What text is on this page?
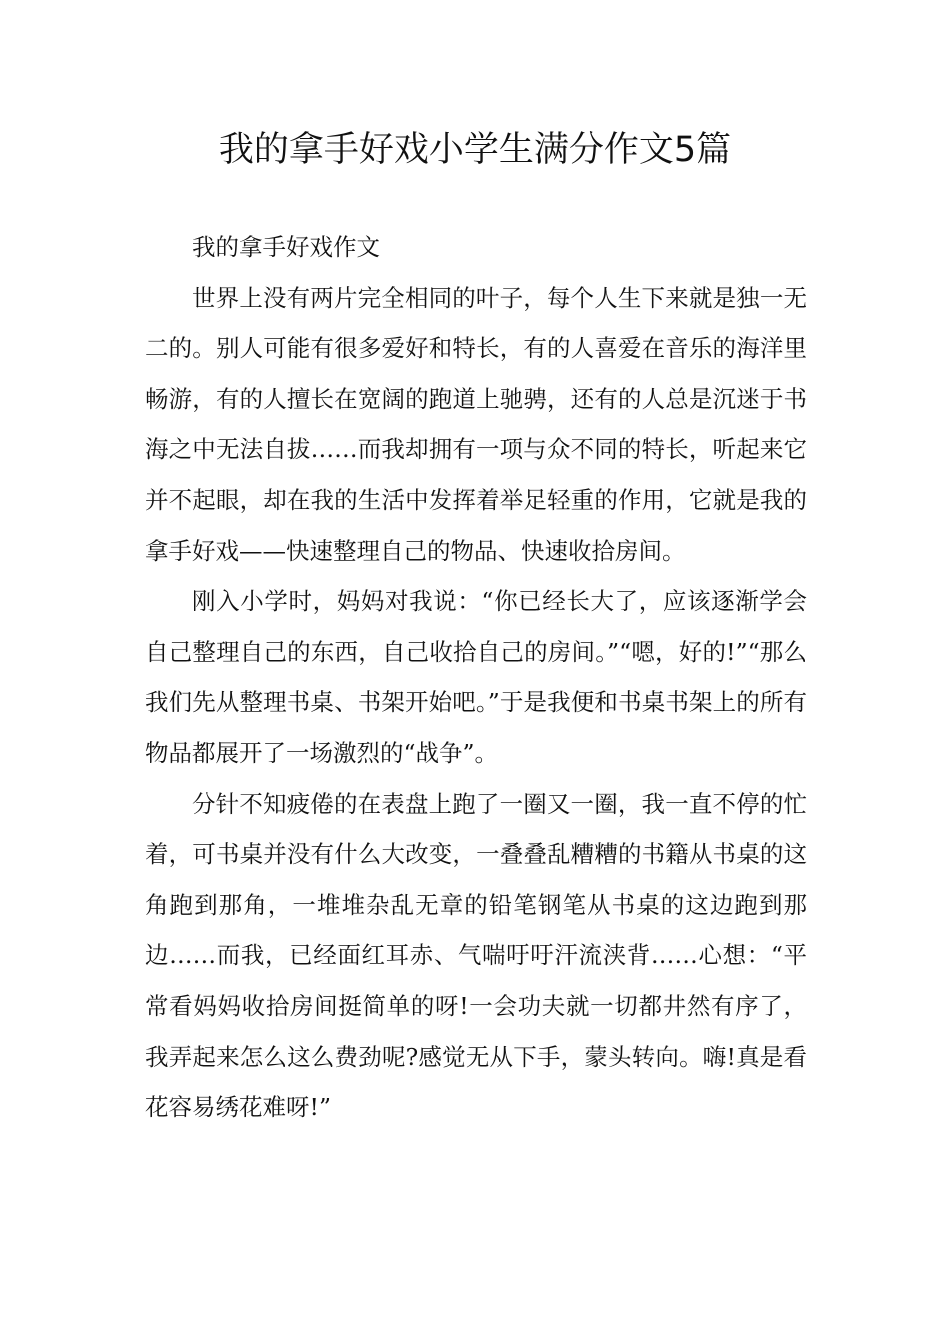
我的拿手好戏小学生满分作文5篇

我的拿手好戏作文

世界上没有两片完全相同的叶子，每个人生下来就是独一无二的。别人可能有很多爱好和特长，有的人喜爱在音乐的海洋里畅游，有的人擅长在宽阔的跑道上驰骋，还有的人总是沉迷于书海之中无法自拔……而我却拥有一项与众不同的特长，听起来它并不起眼，却在我的生活中发挥着举足轻重的作用，它就是我的拿手好戏——快速整理自己的物品、快速收拾房间。

刚入小学时，妈妈对我说：“你已经长大了，应该逐渐学会自己整理自己的东西，自己收拾自己的房间。”“嗯，好的!”“那么我们先从整理书桌、书架开始吧。”于是我便和书桌书架上的所有物品都展开了一场激烈的“战争”。

分针不知疲倦的在表盘上跑了一圈又一圈，我一直不停的忙着，可书桌并没有什么大改变，一叠叠乱糟糟的书籍从书桌的这角跑到那角，一堆堆杂乱无章的铅笔钢笔从书桌的这边跑到那边……而我，已经面红耳赤、气喘吁吁汗流浃背……心想：“平常看妈妈收拾房间挺简单的呀!一会功夫就一切都井然有序了，我弄起来怎么这么费劲呢?感觉无从下手，蒙头转向。嗨!真是看花容易绣花难呀!”
